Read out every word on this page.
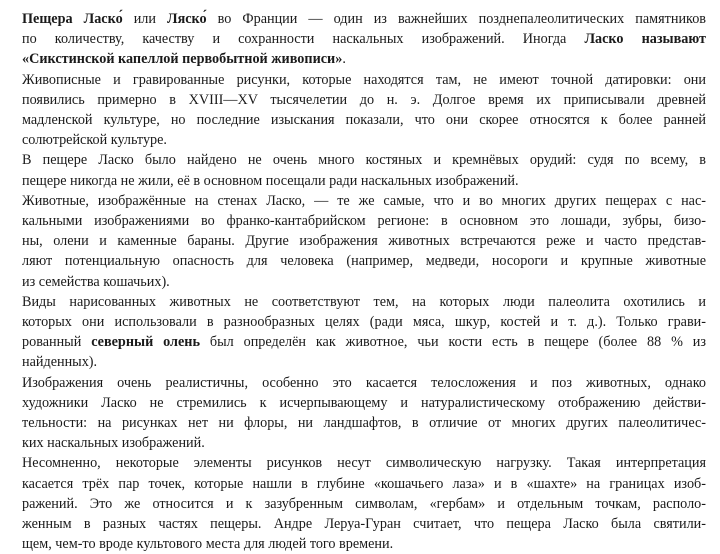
Пещера Ласко́ или Ляско́ во Франции — один из важнейших позднепалеолитических памятников
по количеству, качеству и сохранности наскальных изображений. Иногда Ласко называют
«Сикстинской капеллой первобытной живописи».
Живописные и гравированные рисунки, которые находятся там, не имеют точной датировки: они
появились примерно в XVIII—XV тысячелетии до н. э. Долгое время их приписывали древней
мадленской культуре, но последние изыскания показали, что они скорее относятся к более ранней
солютрейской культуре.
В пещере Ласко было найдено не очень много костяных и кремнёвых орудий: судя по всему, в
пещере никогда не жили, её в основном посещали ради наскальных изображений.
Животные, изображённые на стенах Ласко, — те же самые, что и во многих других пещерах с нас-
кальными изображениями во франко-кантабрийском регионе: в основном это лошади, зубры, бизо-
ны, олени и каменные бараны. Другие изображения животных встречаются реже и часто представ-
ляют потенциальную опасность для человека (например, медведи, носороги и крупные животные
из семейства кошачьих).
Виды нарисованных животных не соответствуют тем, на которых люди палеолита охотились и
которых они использовали в разнообразных целях (ради мяса, шкур, костей и т. д.). Только грави-
рованный северный олень был определён как животное, чьи кости есть в пещере (более 88 % из
найденных).
Изображения очень реалистичны, особенно это касается телосложения и поз животных, однако
художники Ласко не стремились к исчерпывающему и натуралистическому отображению действи-
тельности: на рисунках нет ни флоры, ни ландшафтов, в отличие от многих других палеолитичес-
ких наскальных изображений.
Несомненно, некоторые элементы рисунков несут символическую нагрузку. Такая интерпретация
касается трёх пар точек, которые нашли в глубине «кошачьего лаза» и в «шахте» на границах изоб-
ражений. Это же относится и к зазубренным символам, «гербам» и отдельным точкам, располо-
женным в разных частях пещеры. Андре Леруа-Гуран считает, что пещера Ласко была святили-
щем, чем-то вроде культового места для людей того времени.
